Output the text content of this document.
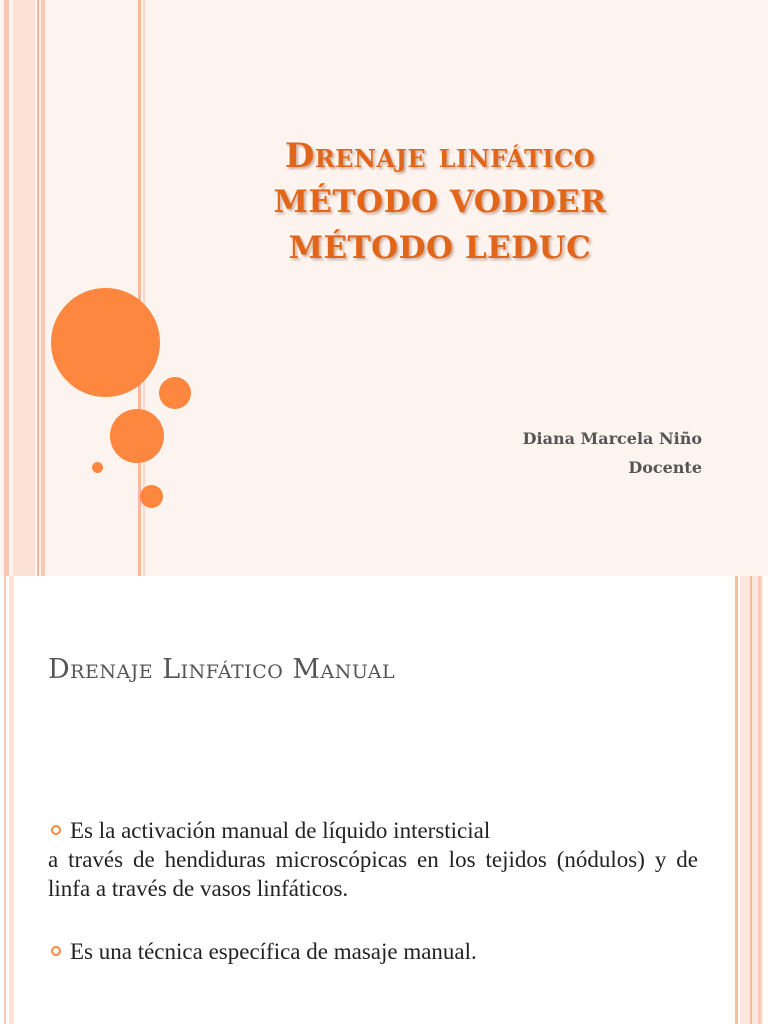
Drenaje linfático
MÉTODO VODDER
MÉTODO LEDUC
Diana Marcela Niño
Docente
Drenaje Linfático Manual
Es la activación manual de líquido intersticial
a través de hendiduras microscópicas en los tejidos (nódulos) y de linfa a través de vasos linfáticos.
Es una técnica específica de masaje manual.
